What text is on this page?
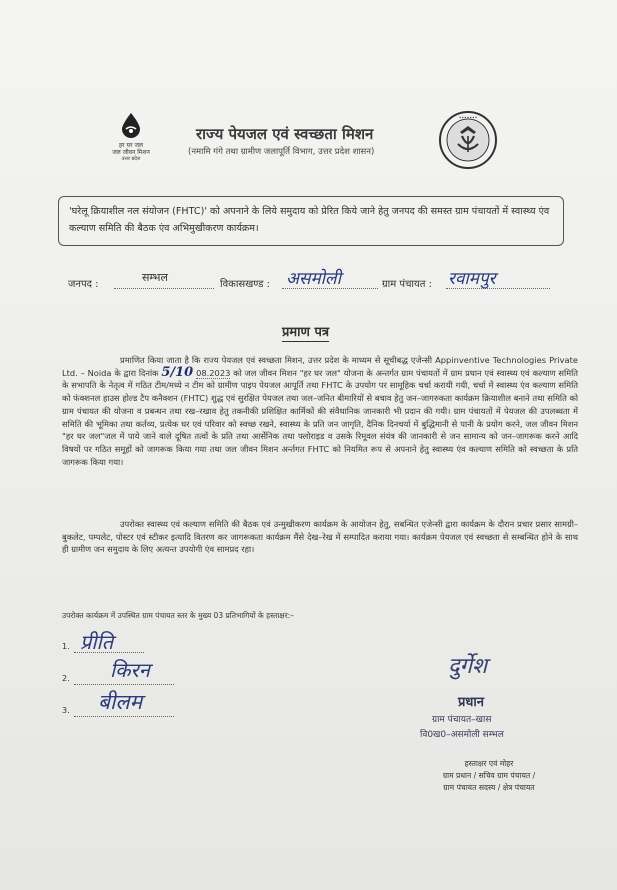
हर घर जल
जल जीवन मिशन
उत्तर प्रदेश
राज्य पेयजल एवं स्वच्छता मिशन
(नमामि गंगे तथा ग्रामीण जलापूर्ति विभाग, उत्तर प्रदेश शासन)
•••••••
'घरेलू क्रियाशील नल संयोजन (FHTC)' को अपनाने के लिये समुदाय को प्रेरित किये जाने हेतु जनपद की समस्त ग्राम पंचायतों में स्वास्थ्य एंव कल्याण समिति की बैठक एंव अभिमुखीकरण कार्यक्रम।
जनपद :
सम्भल
विकासखण्ड : असमोली	ग्राम पंचायत : रवामपुर
प्रमाण पत्र
प्रमाणित किया जाता है कि राज्य पेयजल एवं स्वच्छता मिशन, उत्तर प्रदेश के माध्यम से सूचीबद्ध एजेन्सी Appinventive Technologies Private Ltd. – Noida के द्वारा दिनांक 5/10 08.2023 को जल जीवन मिशन "हर घर जल" योजना के अन्तर्गत ग्राम पंचायतों में ग्राम प्रधान एवं स्वास्थ्य एवं कल्याण समिति के सभापति के नेतृत्व में गठित टीम/मध्ये न टीम को ग्रामीण पाइप पेयजल आपूर्ति तथा FHTC के उपयोग पर सामूहिक चर्चा करायी गयी, चर्चा में स्वास्थ्य एंव कल्याण समिति को फंक्शनल हाउस होल्ड टैप कनैक्शन (FHTC) शुद्ध एवं सुरक्षित पेयजल तथा जल–जनित बीमारियों से बचाव हेतु जन–जागरुकता कार्यक्रम क्रियाशील बनाने तथा समिति को ग्राम पंचायत की योजना व प्रबन्धन तथा रख–रखाव हेतु तकनीकी प्रशिक्षित कार्मिकों की संवैधानिक जानकारी भी प्रदान की गयी। ग्राम पंचायतों में पेयजल की उपलब्धता में समिति की भूमिका तथा कर्तव्य, प्रत्येक घर एवं परिवार को स्वच्छ रखने, स्वास्थ्य के प्रति जन जागृति, दैनिक दिनचर्या में बुद्धिमानी से पानी के प्रयोग करने, जल जीवन मिशन "हर घर जल"जल में पाये जाने वाले दूषित तत्वों के प्रति तथा आर्सेनिक तथा फ्लोराइड व उसके रिमूवल संयंत्र की जानकारी से जन सामान्य को जन–जागरूक करने आदि विषयों पर गठित समूहों को जागरूक किया गया तथा जल जीवन मिशन अर्न्तगत FHTC को नियमित रूप से अपनाने हेतु स्वास्थ्य एंव कल्याण समिति को स्वच्छता के प्रति जागरूक किया गया।
उपरोक्त स्वास्थ्य एवं कल्याण समिति की बैठक एवं उन्मुखीकरण कार्यक्रम के आयोजन हेतु, सबन्धित एजेन्सी द्वारा कार्यक्रम के दौरान प्रचार प्रसार सामग्री–बुकलेट, पम्पलेट, पोस्टर एवं स्टीकर इत्यादि वितरण कर जागरूकता कार्यक्रम मैंसे देख–रेख में सम्पादित कराया गया। कार्यक्रम पेयजल एवं स्वच्छता से सम्बन्धित होने के साथ ही ग्रामीण जन समुदाय के लिए अत्यन्त उपयोगी एंव सामप्रद रहा।
उपरोक्त कार्यक्रम में उपस्थित ग्राम पंचायत स्तर के मुख्य 03 प्रतिभागियों के हस्ताक्षर:–
1. प्रीति
2. किरन
3. बीलम
दुर्गेश
प्रधान
ग्राम पंचायत–खास
वि0ख0–असमोली सम्भल
हस्ताक्षर एवं मोहर
ग्राम प्रधान / सचिव ग्राम पंचायत /
ग्राम पंचायत सदस्य / क्षेत्र पंचायत
